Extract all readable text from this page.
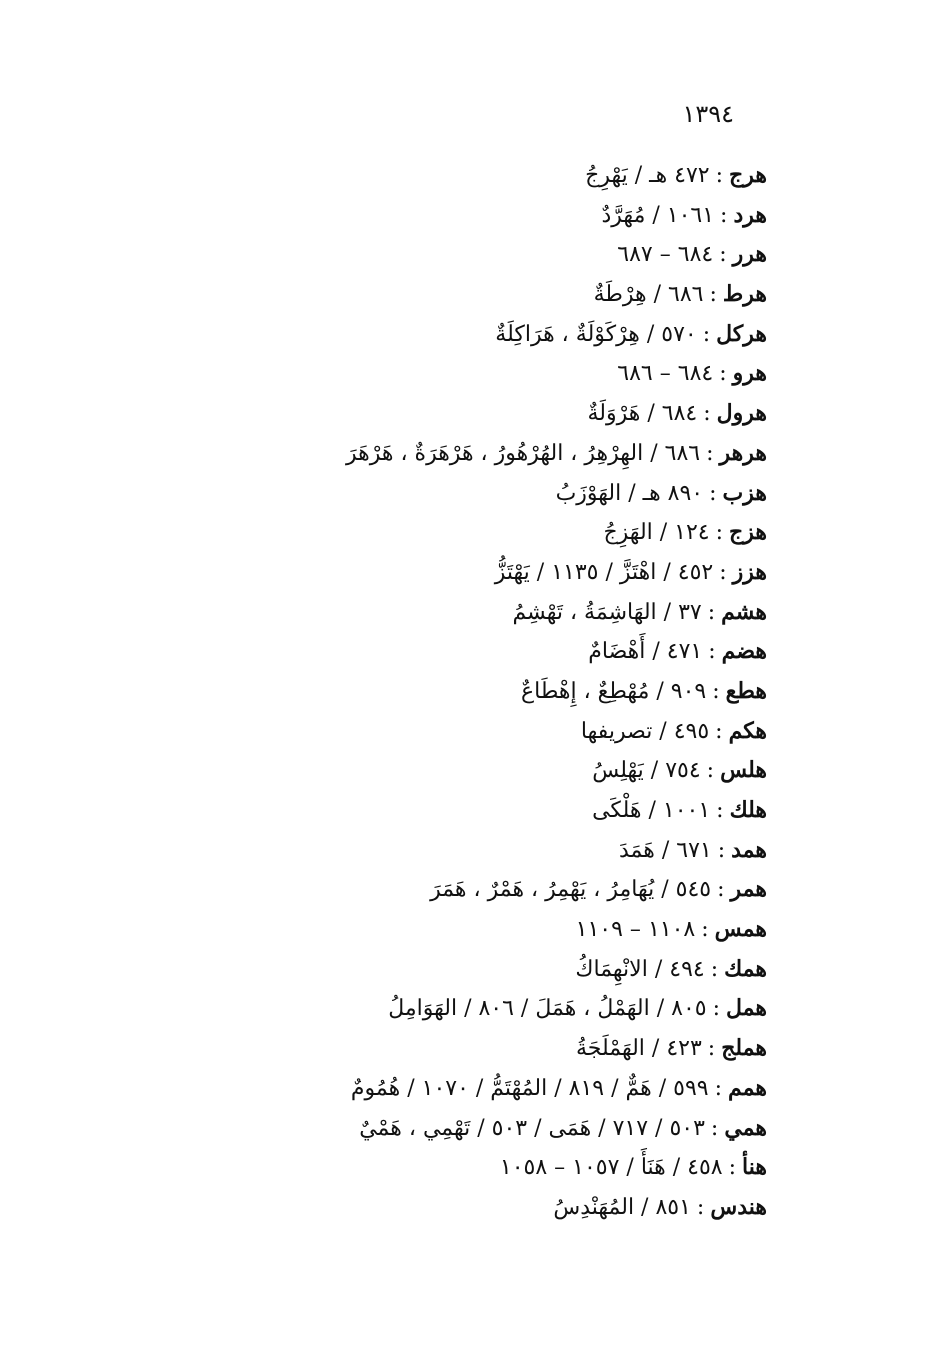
١٣٩٤
هرج:٤٧٢ هـ / يَهْرِجُ
هرد:١٠٦١ / مُهَرَّدٌ
هرر:٦٨٤ – ٦٨٧
هرط:٦٨٦ / هِرْطَةٌ
هركل:٥٧٠ / هِرْكَوْلَةٌ ، هَرَاكِلَةٌ
هرو:٦٨٤ – ٦٨٦
هرول:٦٨٤ / هَرْوَلَةٌ
هرهر:٦٨٦ / الهِرْهِرُ ، الهُرْهُورُ ، هَرْهَرَةٌ ، هَرْهَرَ
هزب:٨٩٠ هـ / الهَوْزَبُ
هزج:١٢٤ / الهَزِجُ
هزز:٤٥٢ / اهْتَزَّ / ١١٣٥ / يَهْتَزُّ
هشم:٣٧ / الهَاشِمَةُ ، تَهْشِمُ
هضم:٤٧١ / أَهْضَامٌ
هطع:٩٠٩ / مُهْطِعٌ ، إِهْطَاعٌ
هكم:٤٩٥ / تصريفها
هلس:٧٥٤ / يَهْلِسُ
هلك:١٠٠١ / هَلْكَى
همد:٦٧١ / هَمَدَ
همر:٥٤٥ / يُهَامِرُ ، يَهْمِرُ ، هَمْرٌ ، هَمَرَ
همس:١١٠٨ – ١١٠٩
همك:٤٩٤ / الانْهِمَاكُ
همل:٨٠٥ / الهَمْلُ ، هَمَلَ / ٨٠٦ / الهَوَامِلُ
هملج:٤٢٣ / الهَمْلَجَةُ
همم:٥٩٩ / هَمٌّ / ٨١٩ / المُهْتَمُّ / ١٠٧٠ / هُمُومٌ
همي:٥٠٣ / ٧١٧ / هَمَى / ٥٠٣ / تَهْمِي ، هَمْيٌ
هنأ:٤٥٨ / هَنَأَ / ١٠٥٧ – ١٠٥٨
هندس:٨٥١ / المُهَنْدِسُ
